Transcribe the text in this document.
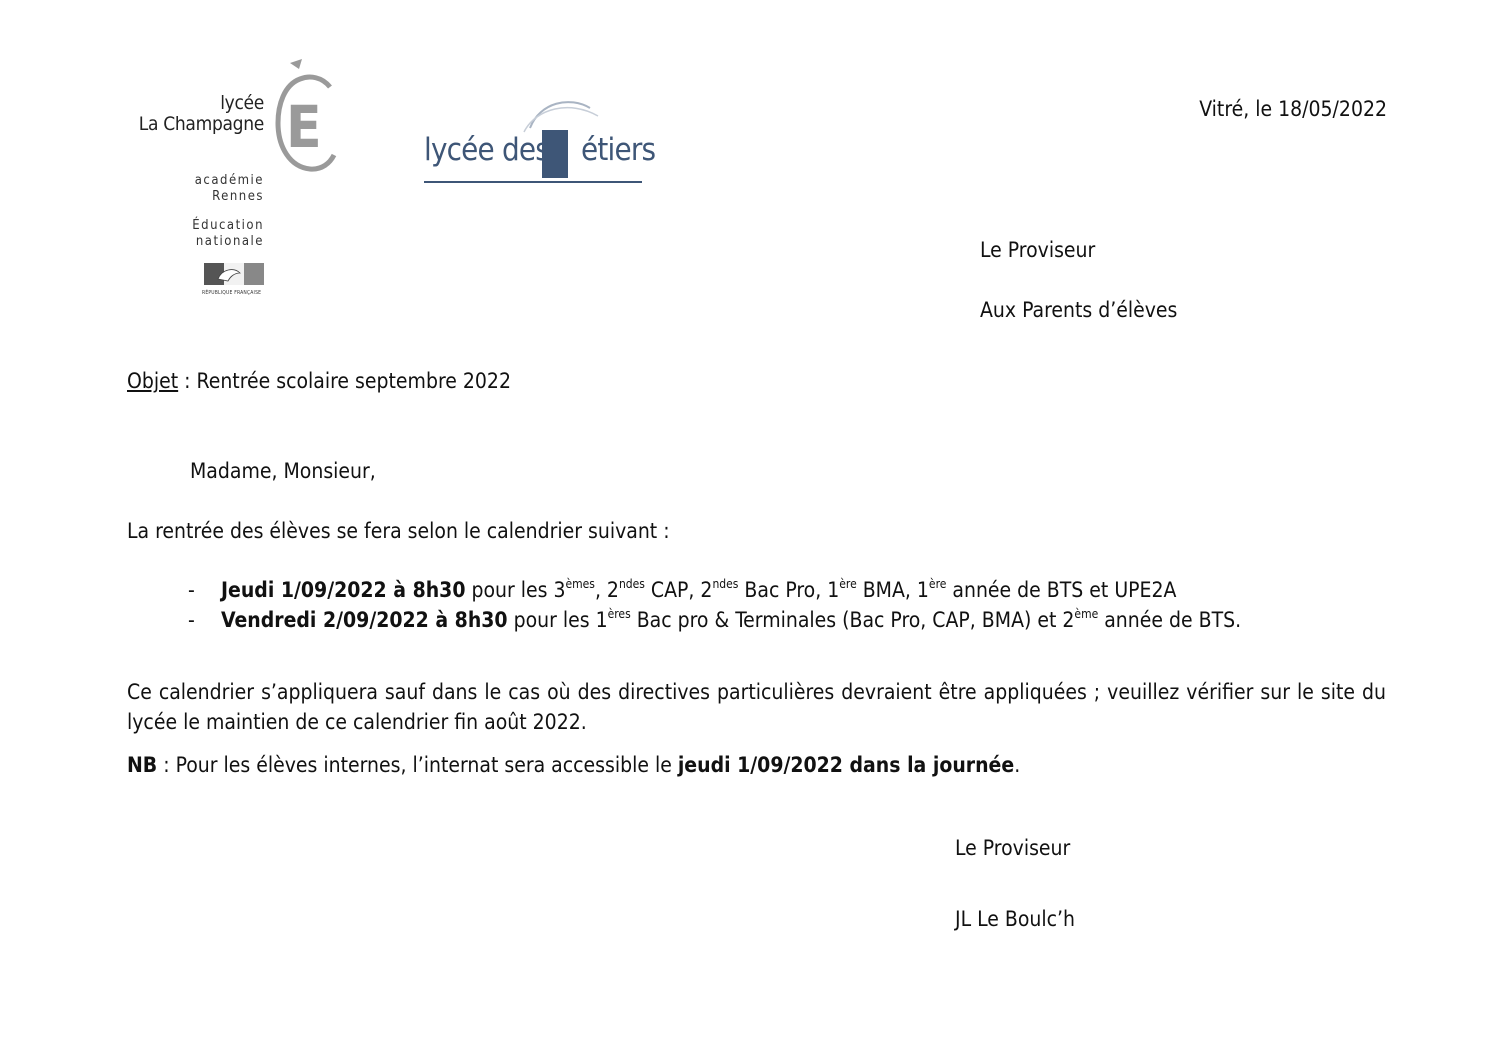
E
lycée
La Champagne
académie
Rennes
Éducation
nationale
RÉPUBLIQUE FRANÇAISE
lycée des étiers
Vitré, le 18/05/2022
Le Proviseur
Aux Parents d’élèves
Objet : Rentrée scolaire septembre 2022
Madame, Monsieur,
La rentrée des élèves se fera selon le calendrier suivant :
- Jeudi 1/09/2022 à 8h30 pour les 3èmes, $2^{ndes}$ CAP, $2^{ndes}$ Bac Pro, 1ère BMA, 1ère année de BTS et UPE2A
- Vendredi 2/09/2022 à 8h30 pour les 1ères Bac pro & Terminales (Bac Pro, CAP, BMA) et 2ème année de BTS.
Ce calendrier s’appliquera sauf dans le cas où des directives particulières devraient être appliquées ; veuillez vérifier sur le site du lycée le maintien de ce calendrier fin août 2022.
NB : Pour les élèves internes, l’internat sera accessible le jeudi 1/09/2022 dans la journée.
Le Proviseur
JL Le Boulc’h
